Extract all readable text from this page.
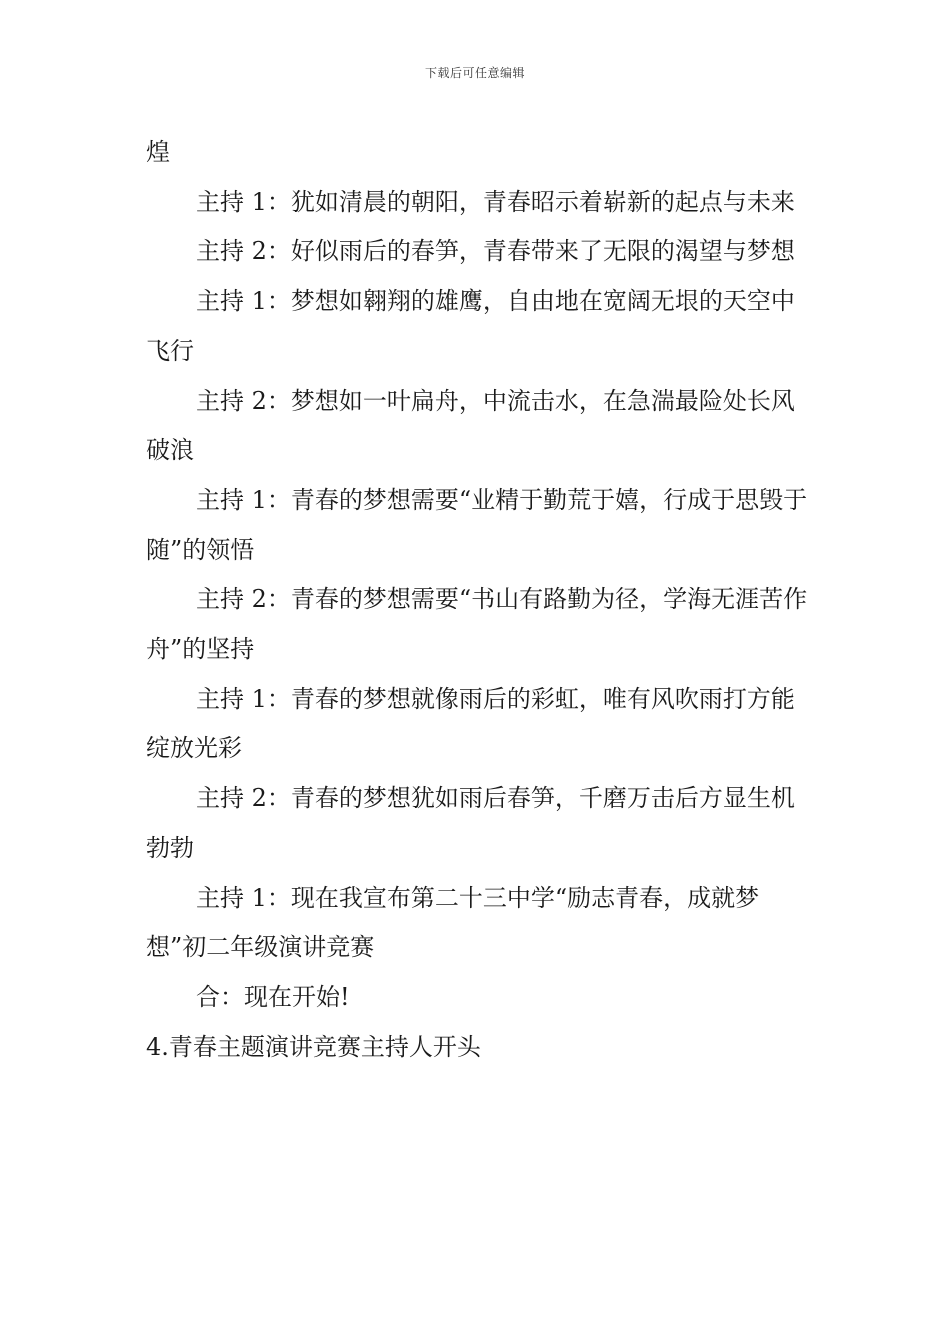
下载后可任意编辑

煌

主持 1：犹如清晨的朝阳，青春昭示着崭新的起点与未来

主持 2：好似雨后的春笋，青春带来了无限的渴望与梦想

主持 1：梦想如翱翔的雄鹰，自由地在宽阔无垠的天空中飞行

主持 2：梦想如一叶扁舟，中流击水，在急湍最险处长风破浪

主持 1：青春的梦想需要“业精于勤荒于嬉，行成于思毁于随”的领悟

主持 2：青春的梦想需要“书山有路勤为径，学海无涯苦作舟”的坚持

主持 1：青春的梦想就像雨后的彩虹，唯有风吹雨打方能绽放光彩

主持 2：青春的梦想犹如雨后春笋，千磨万击后方显生机勃勃

主持 1：现在我宣布第二十三中学“励志青春，成就梦想”初二年级演讲竞赛

合：现在开始!

4.青春主题演讲竞赛主持人开头
